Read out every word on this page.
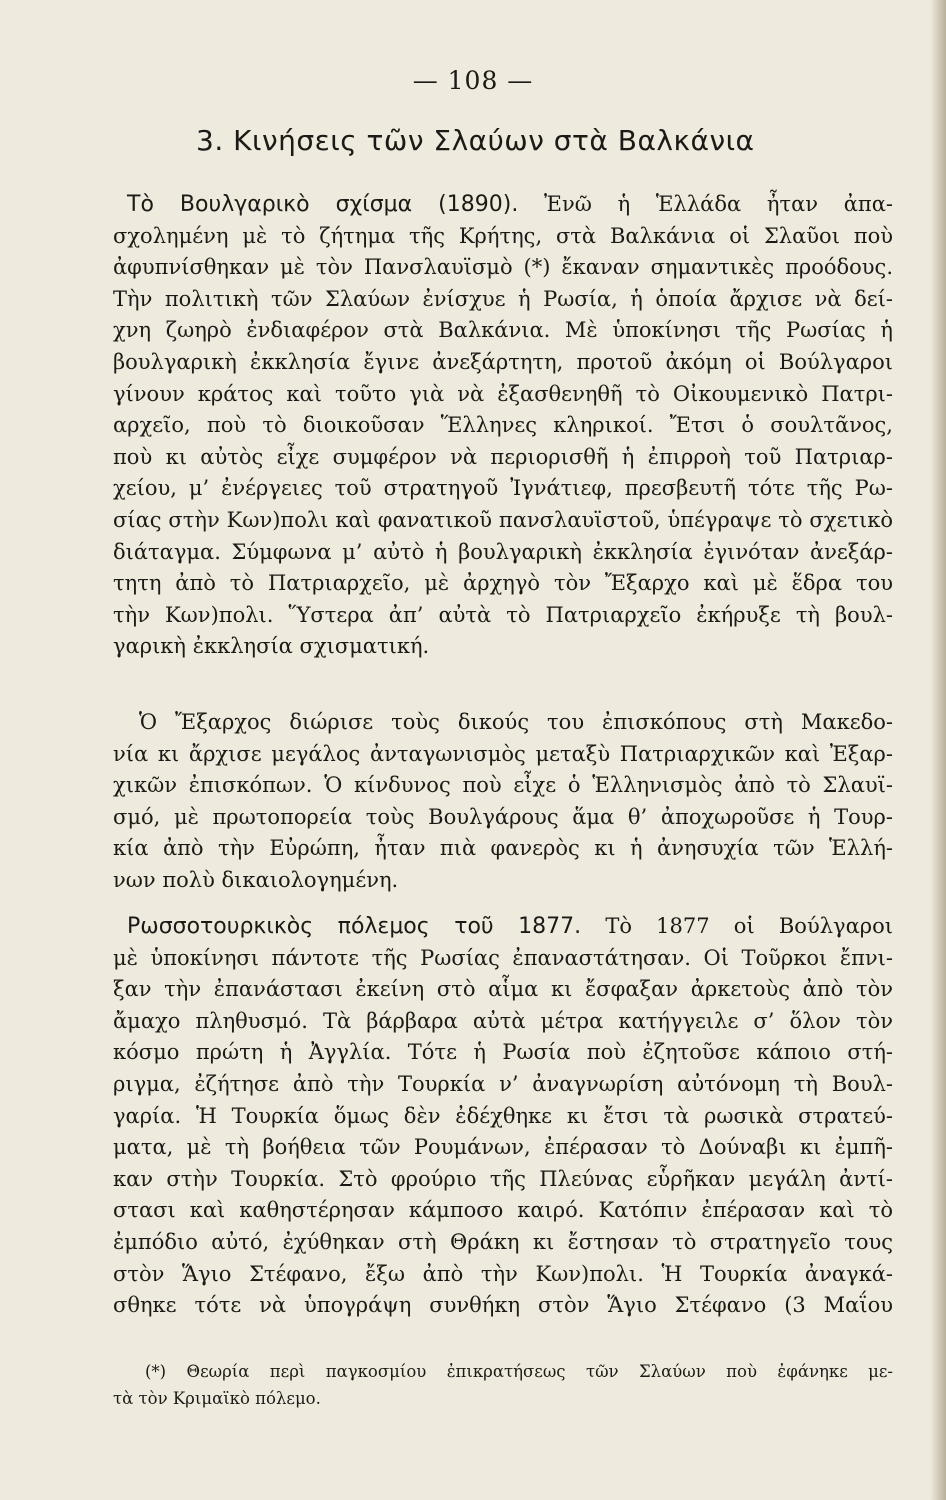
— 108 —
3. Κινήσεις τῶν Σλαύων στὰ Βαλκάνια
Τὸ Βουλγαρικὸ σχίσμα (1890). Ἐνῶ ἡ Ἑλλάδα ἦταν ἀπα-
σχολημένη μὲ τὸ ζήτημα τῆς Κρήτης, στὰ Βαλκάνια οἱ Σλαῦοι ποὺ
ἀφυπνίσθηκαν μὲ τὸν Πανσλαυϊσμὸ (*) ἔκαναν σημαντικὲς προόδους.
Τὴν πολιτικὴ τῶν Σλαύων ἐνίσχυε ἡ Ρωσία, ἡ ὁποία ἄρχισε νὰ δεί-
χνη ζωηρὸ ἐνδιαφέρον στὰ Βαλκάνια. Μὲ ὑποκίνησι τῆς Ρωσίας ἡ
βουλγαρικὴ ἐκκλησία ἔγινε ἀνεξάρτητη, προτοῦ ἀκόμη οἱ Βούλγαροι
γίνουν κράτος καὶ τοῦτο γιὰ νὰ ἐξασθενηθῆ τὸ Οἰκουμενικὸ Πατρι-
αρχεῖο, ποὺ τὸ διοικοῦσαν Ἕλληνες κληρικοί. Ἔτσι ὁ σουλτᾶνος,
ποὺ κι αὐτὸς εἶχε συμφέρον νὰ περιορισθῆ ἡ ἐπιρροὴ τοῦ Πατριαρ-
χείου, μ’ ἐνέργειες τοῦ στρατηγοῦ Ἰγνάτιεφ, πρεσβευτῆ τότε τῆς Ρω-
σίας στὴν Κων)πολι καὶ φανατικοῦ πανσλαυϊστοῦ, ὑπέγραψε τὸ σχετικὸ
διάταγμα. Σύμφωνα μ’ αὐτὸ ἡ βουλγαρικὴ ἐκκλησία ἐγινόταν ἀνεξάρ-
τητη ἀπὸ τὸ Πατριαρχεῖο, μὲ ἀρχηγὸ τὸν Ἔξαρχο καὶ μὲ ἕδρα του
τὴν Κων)πολι. Ὕστερα ἀπ’ αὐτὰ τὸ Πατριαρχεῖο ἐκήρυξε τὴ βουλ-
γαρικὴ ἐκκλησία σχισματική.
Ὁ Ἔξαρχος διώρισε τοὺς δικούς του ἐπισκόπους στὴ Μακεδο-
νία κι ἄρχισε μεγάλος ἀνταγωνισμὸς μεταξὺ Πατριαρχικῶν καὶ Ἐξαρ-
χικῶν ἐπισκόπων. Ὁ κίνδυνος ποὺ εἶχε ὁ Ἑλληνισμὸς ἀπὸ τὸ Σλαυϊ-
σμό, μὲ πρωτοπορεία τοὺς Βουλγάρους ἅμα θ’ ἀποχωροῦσε ἡ Τουρ-
κία ἀπὸ τὴν Εὐρώπη, ἦταν πιὰ φανερὸς κι ἡ ἀνησυχία τῶν Ἑλλή-
νων πολὺ δικαιολογημένη.
Ρωσσοτουρκικὸς πόλεμος τοῦ 1877. Τὸ 1877 οἱ Βούλγαροι
μὲ ὑποκίνησι πάντοτε τῆς Ρωσίας ἐπαναστάτησαν. Οἱ Τοῦρκοι ἔπνι-
ξαν τὴν ἐπανάστασι ἐκείνη στὸ αἷμα κι ἔσφαξαν ἀρκετοὺς ἀπὸ τὸν
ἄμαχο πληθυσμό. Τὰ βάρβαρα αὐτὰ μέτρα κατήγγειλε σ’ ὅλον τὸν
κόσμο πρώτη ἡ Ἀγγλία. Τότε ἡ Ρωσία ποὺ ἐζητοῦσε κάποιο στή-
ριγμα, ἐζήτησε ἀπὸ τὴν Τουρκία ν’ ἀναγνωρίση αὐτόνομη τὴ Βουλ-
γαρία. Ἡ Τουρκία ὅμως δὲν ἐδέχθηκε κι ἔτσι τὰ ρωσικὰ στρατεύ-
ματα, μὲ τὴ βοήθεια τῶν Ρουμάνων, ἐπέρασαν τὸ Δούναβι κι ἐμπῆ-
καν στὴν Τουρκία. Στὸ φρούριο τῆς Πλεύνας εὗρῆκαν μεγάλη ἀντί-
στασι καὶ καθηστέρησαν κάμποσο καιρό. Κατόπιν ἐπέρασαν καὶ τὸ
ἐμπόδιο αὐτό, ἐχύθηκαν στὴ Θράκη κι ἔστησαν τὸ στρατηγεῖο τους
στὸν Ἅγιο Στέφανο, ἔξω ἀπὸ τὴν Κων)πολι. Ἡ Τουρκία ἀναγκά-
σθηκε τότε νὰ ὑπογράψη συνθήκη στὸν Ἅγιο Στέφανο (3 Μαΐου
(*) Θεωρία περὶ παγκοσμίου ἐπικρατήσεως τῶν Σλαύων ποὺ ἐφάνηκε με-
τὰ τὸν Κριμαϊκὸ πόλεμο.
